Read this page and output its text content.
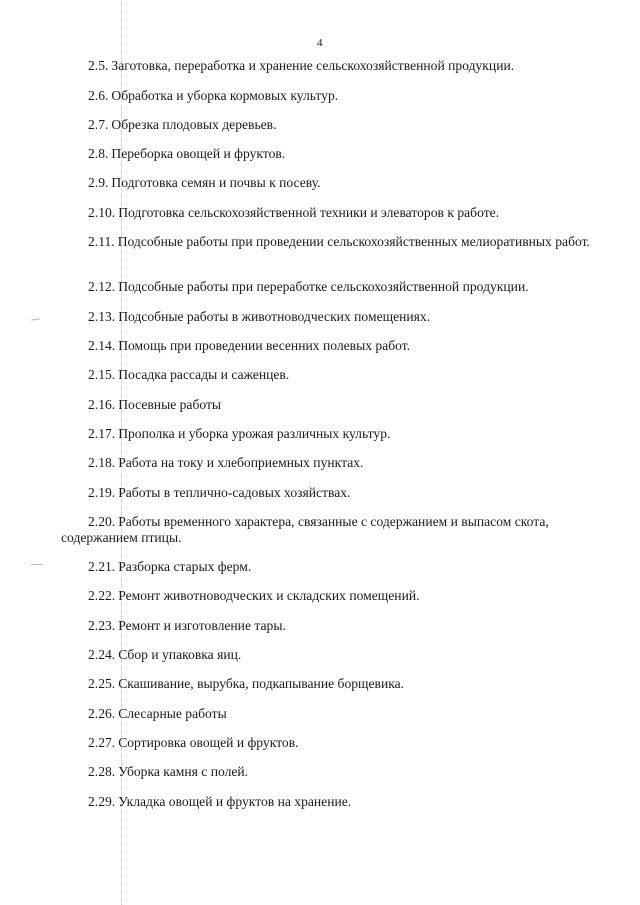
4
2.5. Заготовка, переработка и хранение сельскохозяйственной продукции.
2.6. Обработка и уборка кормовых культур.
2.7. Обрезка плодовых деревьев.
2.8. Переборка овощей и фруктов.
2.9. Подготовка семян и почвы к посеву.
2.10. Подготовка сельскохозяйственной техники и элеваторов к работе.
2.11. Подсобные работы при проведении сельскохозяйственных мелиоративных работ.
2.12. Подсобные работы при переработке сельскохозяйственной продукции.
2.13. Подсобные работы в животноводческих помещениях.
2.14. Помощь при проведении весенних полевых работ.
2.15. Посадка рассады и саженцев.
2.16. Посевные работы
2.17. Прополка и уборка урожая различных культур.
2.18. Работа на току и хлебоприемных пунктах.
2.19. Работы в теплично-садовых хозяйствах.
2.20. Работы временного характера, связанные с содержанием и выпасом скота, содержанием птицы.
2.21. Разборка старых ферм.
2.22. Ремонт животноводческих и складских помещений.
2.23. Ремонт и изготовление тары.
2.24. Сбор и упаковка яиц.
2.25. Скашивание, вырубка, подкапывание борщевика.
2.26. Слесарные работы
2.27. Сортировка овощей и фруктов.
2.28. Уборка камня с полей.
2.29. Укладка овощей и фруктов на хранение.
